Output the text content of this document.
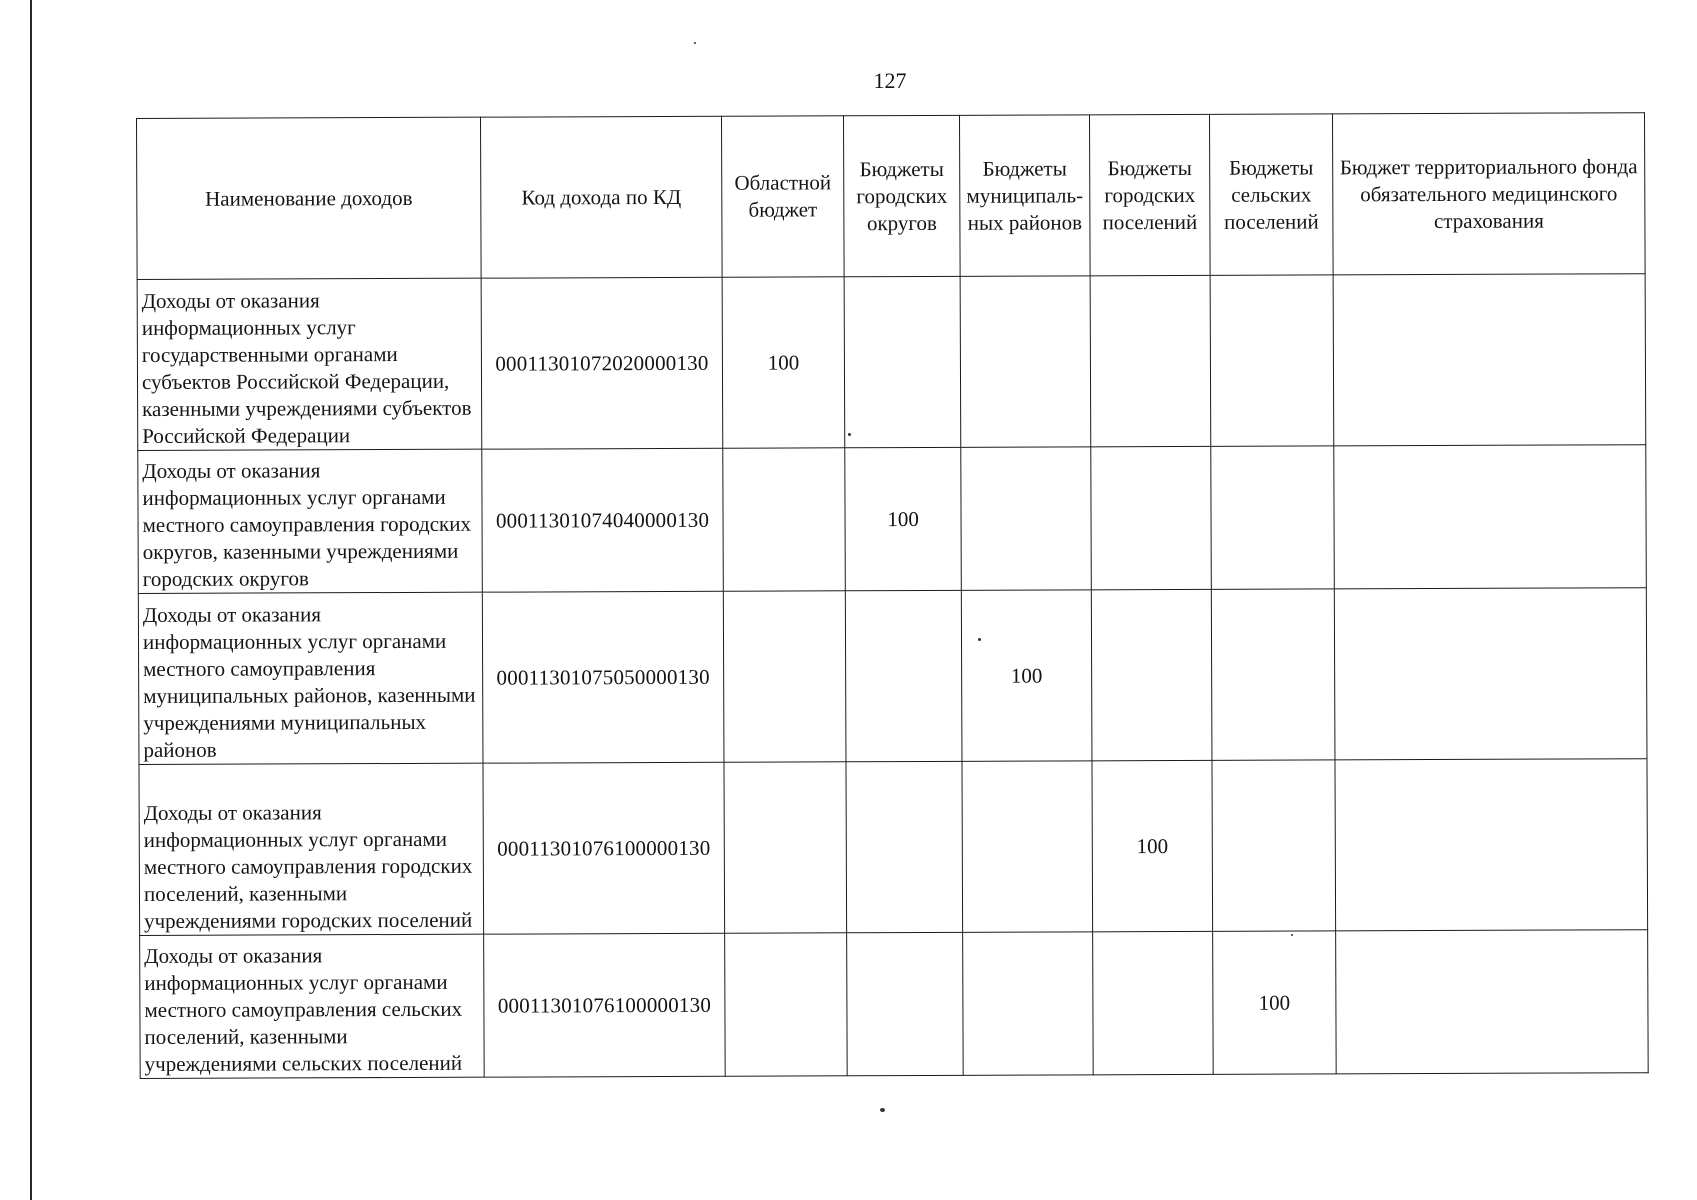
127
Наименование доходов	Код дохода по КД	Областной бюджет	Бюджеты городских округов	Бюджеты муниципаль-ных районов	Бюджеты городских поселений	Бюджеты сельских поселений	Бюджет территориального фонда обязательного медицинского страхования
Доходы от оказания информационных услуг государственными органами субъектов Российской Федерации, казенными учреждениями субъектов Российской Федерации	00011301072020000130	100					
Доходы от оказания информационных услуг органами местного самоуправления городских округов, казенными учреждениями городских округов	00011301074040000130		100				
Доходы от оказания информационных услуг органами местного самоуправления муниципальных районов, казенными учреждениями муниципальных районов	00011301075050000130			100			
Доходы от оказания информационных услуг органами местного самоуправления городских поселений, казенными учреждениями городских поселений	00011301076100000130				100		
Доходы от оказания информационных услуг органами местного самоуправления сельских поселений, казенными учреждениями сельских поселений	00011301076100000130					100	
